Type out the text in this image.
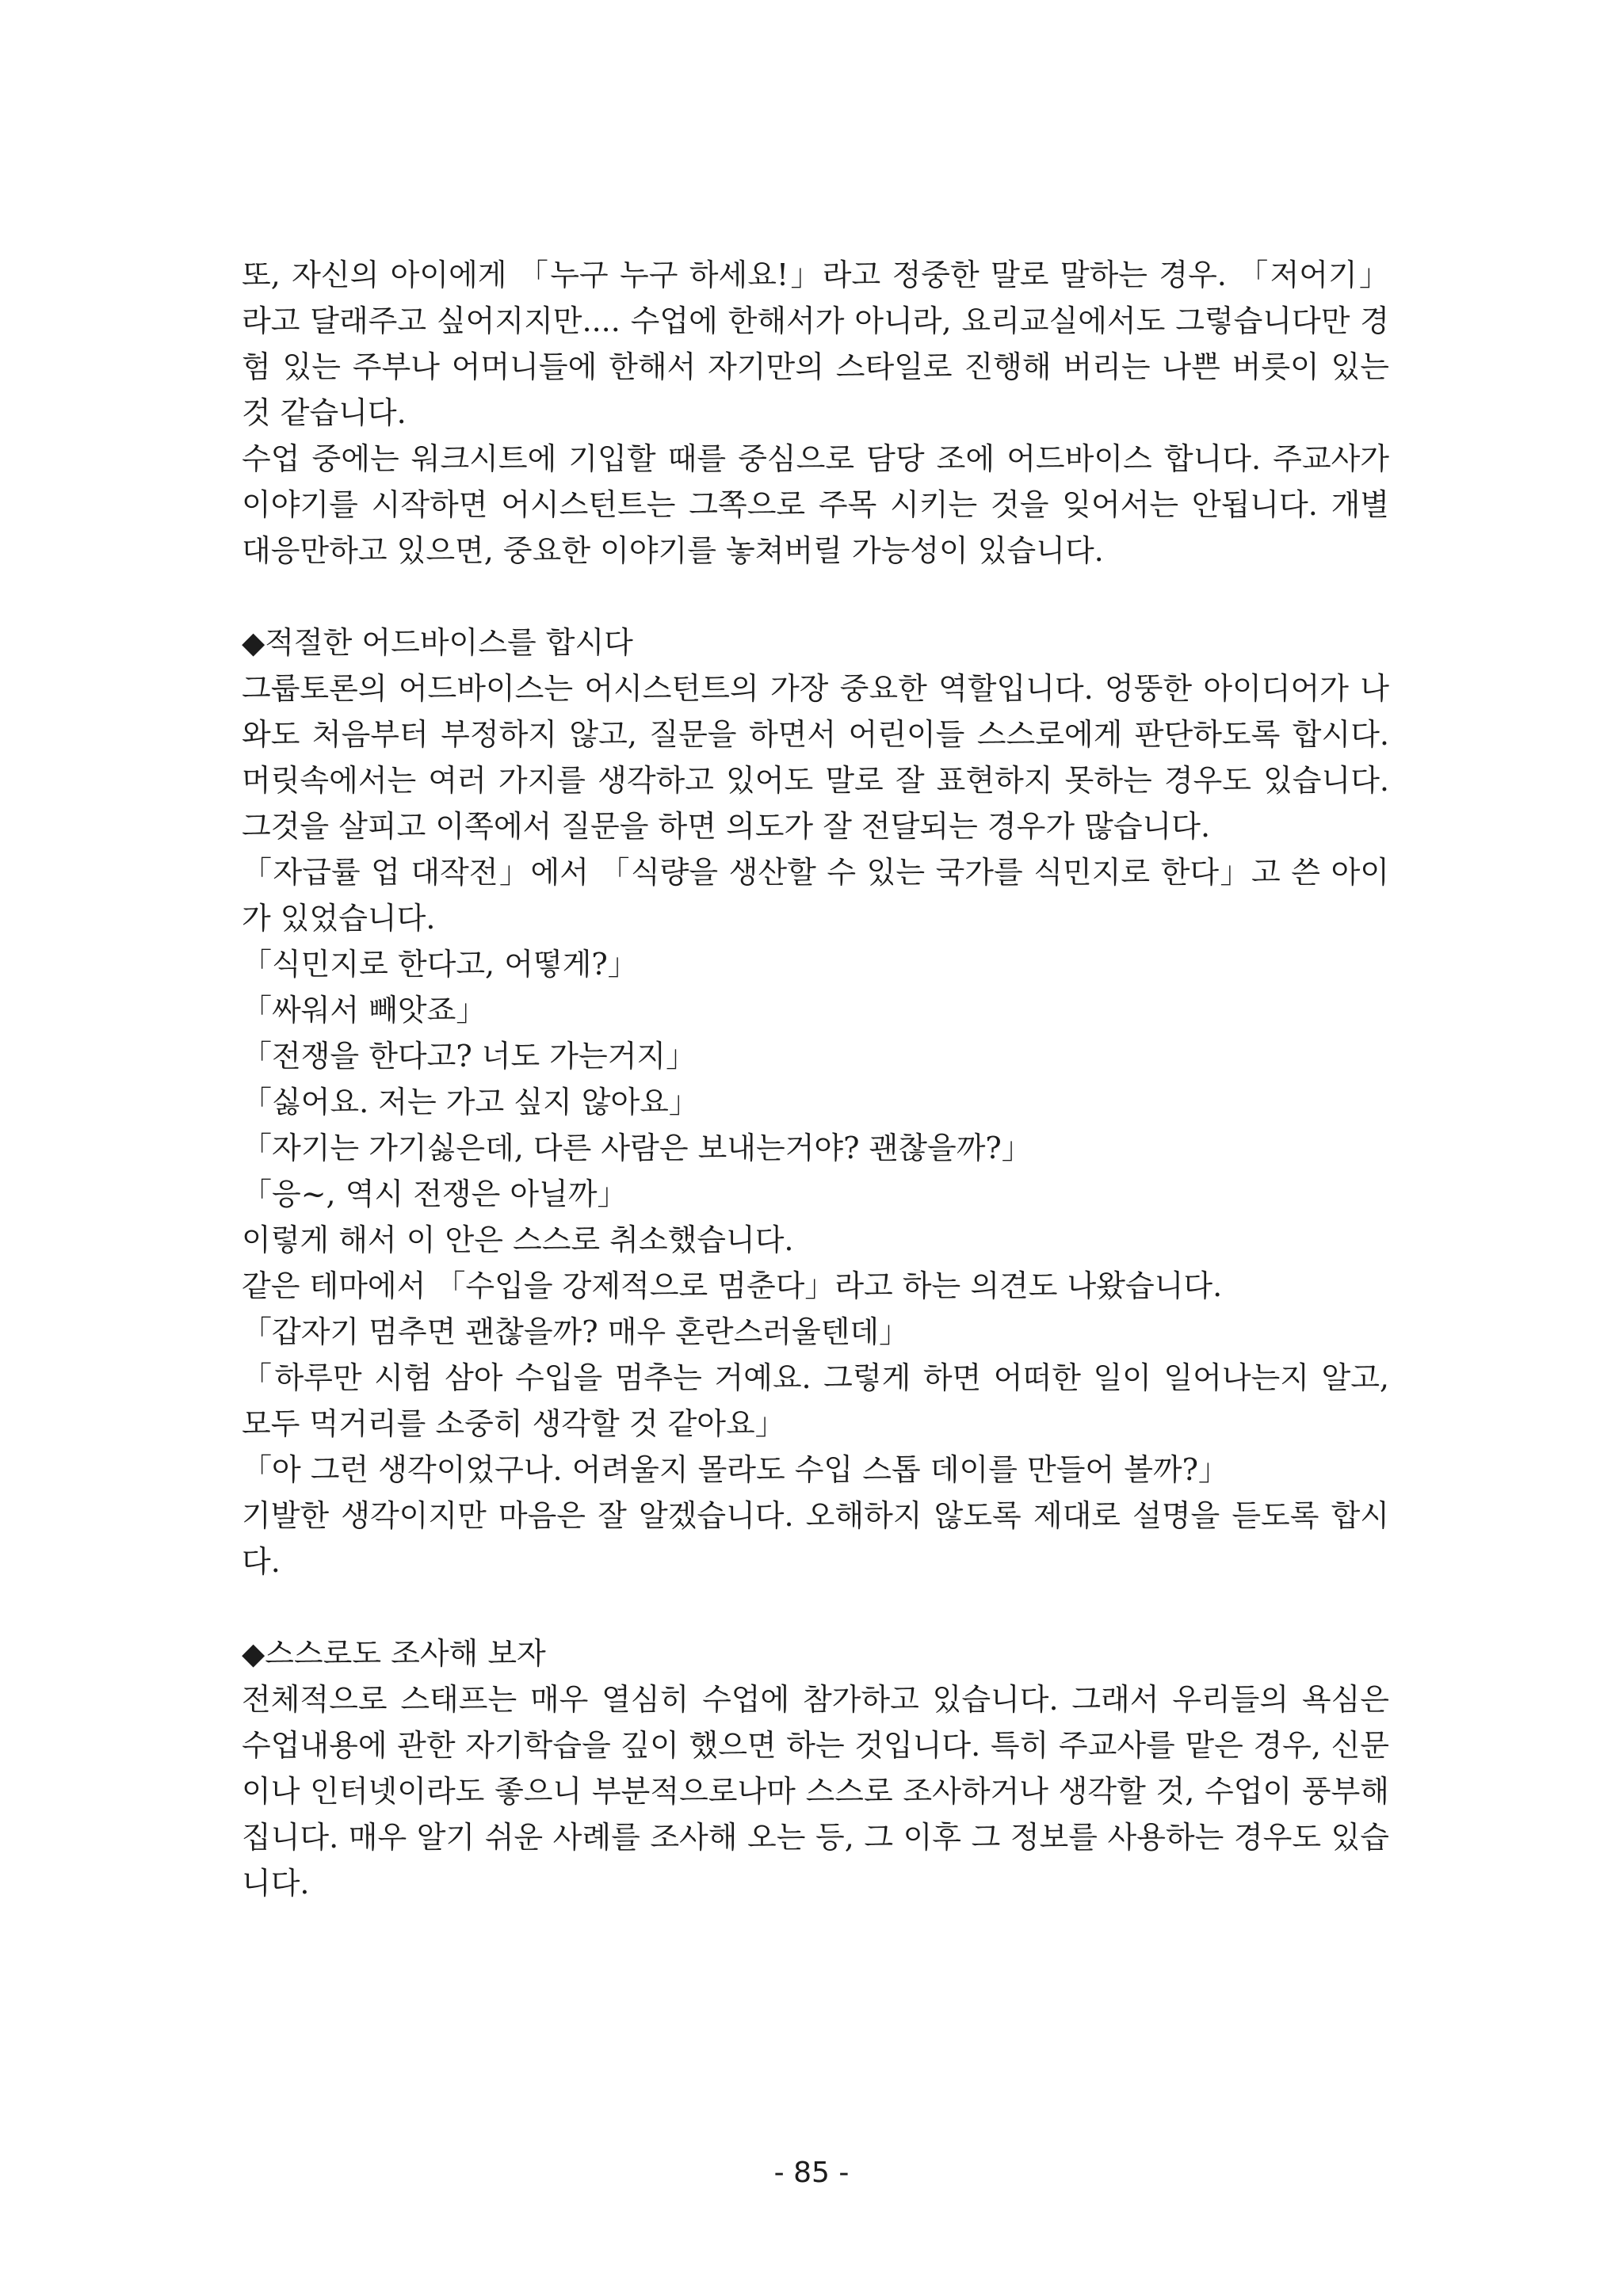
또, 자신의 아이에게 「누구 누구 하세요!」라고 정중한 말로 말하는 경우. 「저어기」라고 달래주고 싶어지지만.... 수업에 한해서가 아니라, 요리교실에서도 그렇습니다만 경험 있는 주부나 어머니들에 한해서 자기만의 스타일로 진행해 버리는 나쁜 버릇이 있는 것 같습니다.

수업 중에는 워크시트에 기입할 때를 중심으로 담당 조에 어드바이스 합니다. 주교사가 이야기를 시작하면 어시스턴트는 그쪽으로 주목 시키는 것을 잊어서는 안됩니다. 개별 대응만하고 있으면, 중요한 이야기를 놓쳐버릴 가능성이 있습니다.

◆적절한 어드바이스를 합시다

그룹토론의 어드바이스는 어시스턴트의 가장 중요한 역할입니다. 엉뚱한 아이디어가 나와도 처음부터 부정하지 않고, 질문을 하면서 어린이들 스스로에게 판단하도록 합시다. 머릿속에서는 여러 가지를 생각하고 있어도 말로 잘 표현하지 못하는 경우도 있습니다. 그것을 살피고 이쪽에서 질문을 하면 의도가 잘 전달되는 경우가 많습니다.

「자급률 업 대작전」에서 「식량을 생산할 수 있는 국가를 식민지로 한다」고 쓴 아이가 있었습니다.

「식민지로 한다고, 어떻게?」

「싸워서 빼앗죠」

「전쟁을 한다고? 너도 가는거지」

「싫어요. 저는 가고 싶지 않아요」

「자기는 가기싫은데, 다른 사람은 보내는거야? 괜찮을까?」

「응~, 역시 전쟁은 아닐까」

이렇게 해서 이 안은 스스로 취소했습니다.

같은 테마에서 「수입을 강제적으로 멈춘다」라고 하는 의견도 나왔습니다.

「갑자기 멈추면 괜찮을까? 매우 혼란스러울텐데」

「하루만 시험 삼아 수입을 멈추는 거예요. 그렇게 하면 어떠한 일이 일어나는지 알고, 모두 먹거리를 소중히 생각할 것 같아요」

「아 그런 생각이었구나. 어려울지 몰라도 수입 스톱 데이를 만들어 볼까?」

기발한 생각이지만 마음은 잘 알겠습니다. 오해하지 않도록 제대로 설명을 듣도록 합시다.

◆스스로도 조사해 보자

전체적으로 스태프는 매우 열심히 수업에 참가하고 있습니다. 그래서 우리들의 욕심은 수업내용에 관한 자기학습을 깊이 했으면 하는 것입니다. 특히 주교사를 맡은 경우, 신문이나 인터넷이라도 좋으니 부분적으로나마 스스로 조사하거나 생각할 것, 수업이 풍부해집니다. 매우 알기 쉬운 사례를 조사해 오는 등, 그 이후 그 정보를 사용하는 경우도 있습니다.

- 85 -
